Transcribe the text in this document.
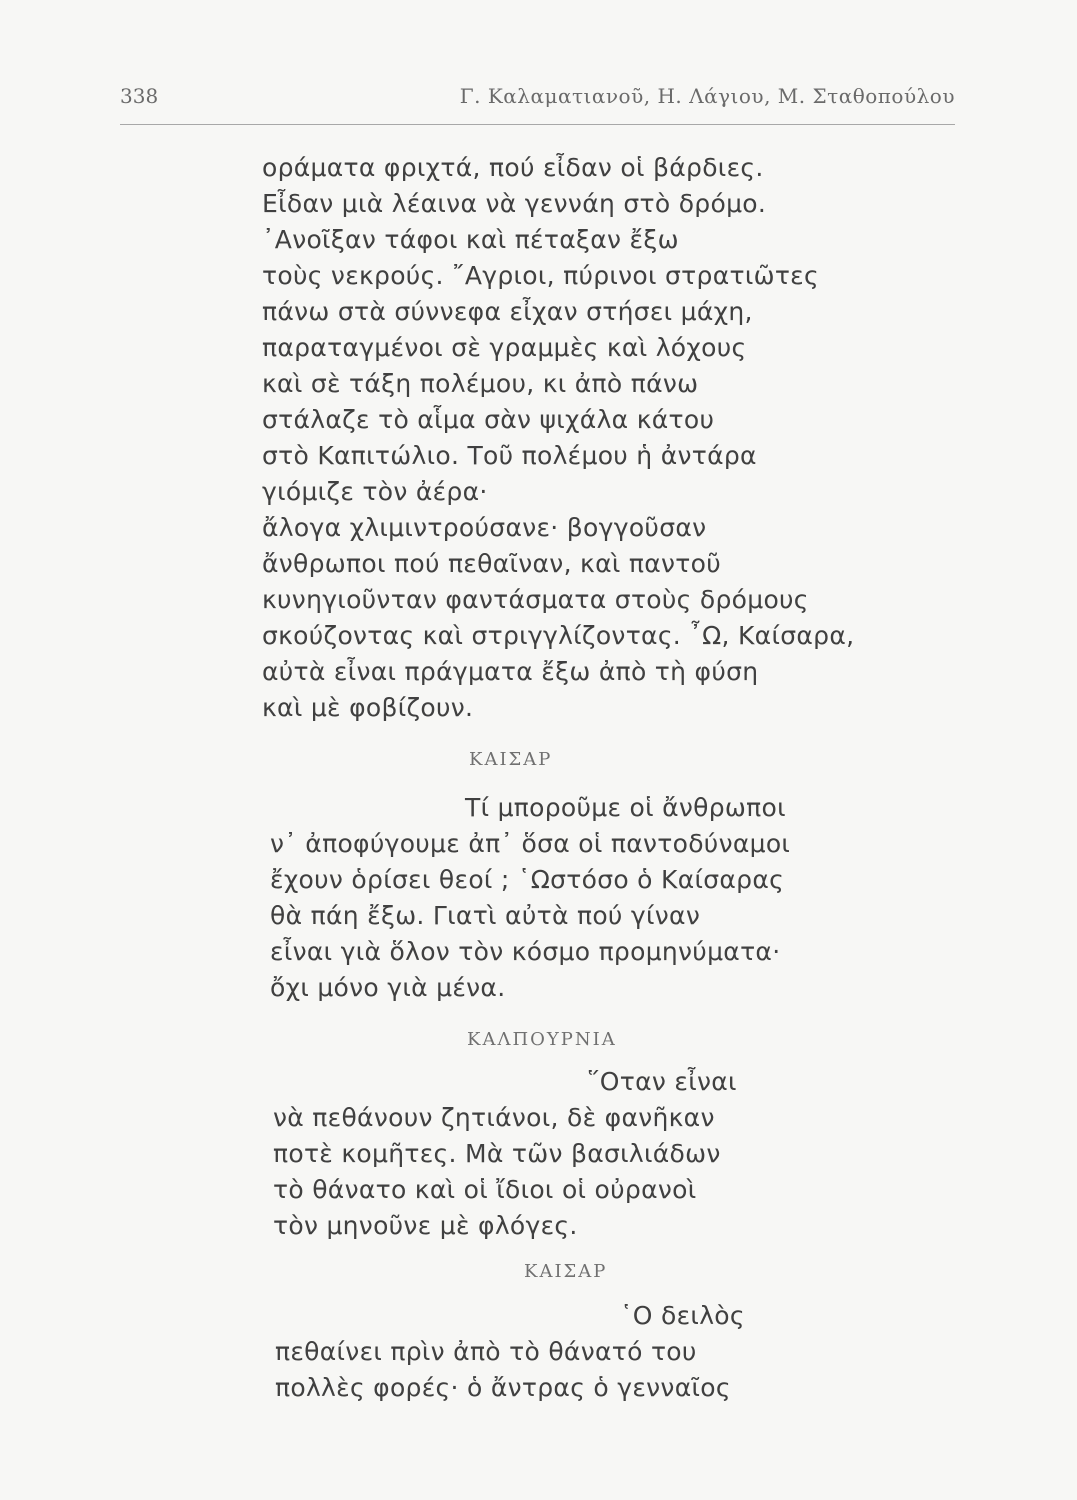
338	Γ. Καλαματιανοῦ, Η. Λάγιου, Μ. Σταθοπούλου
οράματα φριχτά, πού εἶδαν οἱ βάρδιες.
Εἶδαν μιὰ λέαινα νὰ γεννάη στὸ δρόμο.
᾿Ανοῖξαν τάφοι καὶ πέταξαν ἔξω
τοὺς νεκρούς. ῎Αγριοι, πύρινοι στρατιῶτες
πάνω στὰ σύννεφα εἶχαν στήσει μάχη,
παραταγμένοι σὲ γραμμὲς καὶ λόχους
καὶ σὲ τάξη πολέμου, κι ἀπὸ πάνω
στάλαζε τὸ αἷμα σὰν ψιχάλα κάτου
στὸ Καπιτώλιο. Τοῦ πολέμου ἡ ἀντάρα
γιόμιζε τὸν ἀέρα·
ἄλογα χλιμιντρούσανε· βογγοῦσαν
ἄνθρωποι πού πεθαῖναν, καὶ παντοῦ
κυνηγιοῦνταν φαντάσματα στοὺς δρόμους
σκούζοντας καὶ στριγγλίζοντας. ῏Ω, Καίσαρα,
αὐτὰ εἶναι πράγματα ἔξω ἀπὸ τὴ φύση
καὶ μὲ φοβίζουν.
ΚΑΙΣΑΡ
Τί μποροῦμε οἱ ἄνθρωποι
ν᾿ ἀποφύγουμε ἀπ᾿ ὅσα οἱ παντοδύναμοι
ἔχουν ὁρίσει θεοί ; ῾Ωστόσο ὁ Καίσαρας
θὰ πάη ἔξω. Γιατὶ αὐτὰ πού γίναν
εἶναι γιὰ ὅλον τὸν κόσμο προμηνύματα·
ὄχι μόνο γιὰ μένα.
ΚΑΛΠΟΥΡΝΙΑ
῞Οταν εἶναι
νὰ πεθάνουν ζητιάνοι, δὲ φανῆκαν
ποτὲ κομῆτες. Μὰ τῶν βασιλιάδων
τὸ θάνατο καὶ οἱ ἴδιοι οἱ οὐρανοὶ
τὸν μηνοῦνε μὲ φλόγες.
ΚΑΙΣΑΡ
῾Ο δειλὸς
πεθαίνει πρὶν ἀπὸ τὸ θάνατό του
πολλὲς φορές· ὁ ἄντρας ὁ γενναῖος
